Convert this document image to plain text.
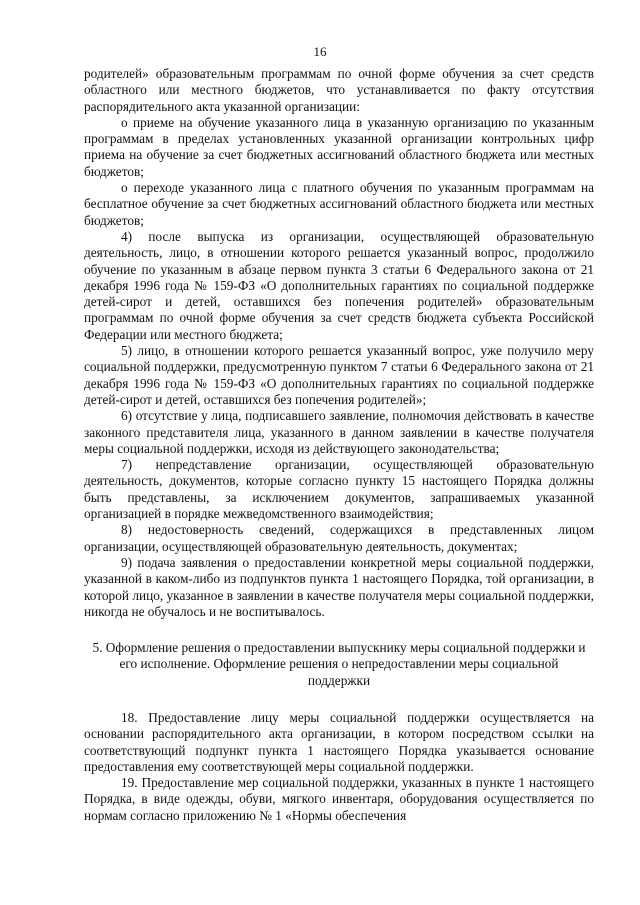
16

родителей» образовательным программам по очной форме обучения за счет средств областного или местного бюджетов, что устанавливается по факту отсутствия распорядительного акта указанной организации:

о приеме на обучение указанного лица в указанную организацию по указанным программам в пределах установленных указанной организации контрольных цифр приема на обучение за счет бюджетных ассигнований областного бюджета или местных бюджетов;

о переходе указанного лица с платного обучения по указанным программам на бесплатное обучение за счет бюджетных ассигнований областного бюджета или местных бюджетов;

4) после выпуска из организации, осуществляющей образовательную деятельность, лицо, в отношении которого решается указанный вопрос, продолжило обучение по указанным в абзаце первом пункта 3 статьи 6 Федерального закона от 21 декабря 1996 года № 159-ФЗ «О дополнительных гарантиях по социальной поддержке детей-сирот и детей, оставшихся без попечения родителей» образовательным программам по очной форме обучения за счет средств бюджета субъекта Российской Федерации или местного бюджета;

5) лицо, в отношении которого решается указанный вопрос, уже получило меру социальной поддержки, предусмотренную пунктом 7 статьи 6 Федерального закона от 21 декабря 1996 года № 159-ФЗ «О дополнительных гарантиях по социальной поддержке детей-сирот и детей, оставшихся без попечения родителей»;

6) отсутствие у лица, подписавшего заявление, полномочия действовать в качестве законного представителя лица, указанного в данном заявлении в качестве получателя меры социальной поддержки, исходя из действующего законодательства;

7) непредставление организации, осуществляющей образовательную деятельность, документов, которые согласно пункту 15 настоящего Порядка должны быть представлены, за исключением документов, запрашиваемых указанной организацией в порядке межведомственного взаимодействия;

8) недостоверность сведений, содержащихся в представленных лицом организации, осуществляющей образовательную деятельность, документах;

9) подача заявления о предоставлении конкретной меры социальной поддержки, указанной в каком-либо из подпунктов пункта 1 настоящего Порядка, той организации, в которой лицо, указанное в заявлении в качестве получателя меры социальной поддержки, никогда не обучалось и не воспитывалось.

5. Оформление решения о предоставлении выпускнику меры социальной поддержки и его исполнение. Оформление решения о непредоставлении меры социальной поддержки

18. Предоставление лицу меры социальной поддержки осуществляется на основании распорядительного акта организации, в котором посредством ссылки на соответствующий подпункт пункта 1 настоящего Порядка указывается основание предоставления ему соответствующей меры социальной поддержки.

19. Предоставление мер социальной поддержки, указанных в пункте 1 настоящего Порядка, в виде одежды, обуви, мягкого инвентаря, оборудования осуществляется по нормам согласно приложению № 1 «Нормы обеспечения
